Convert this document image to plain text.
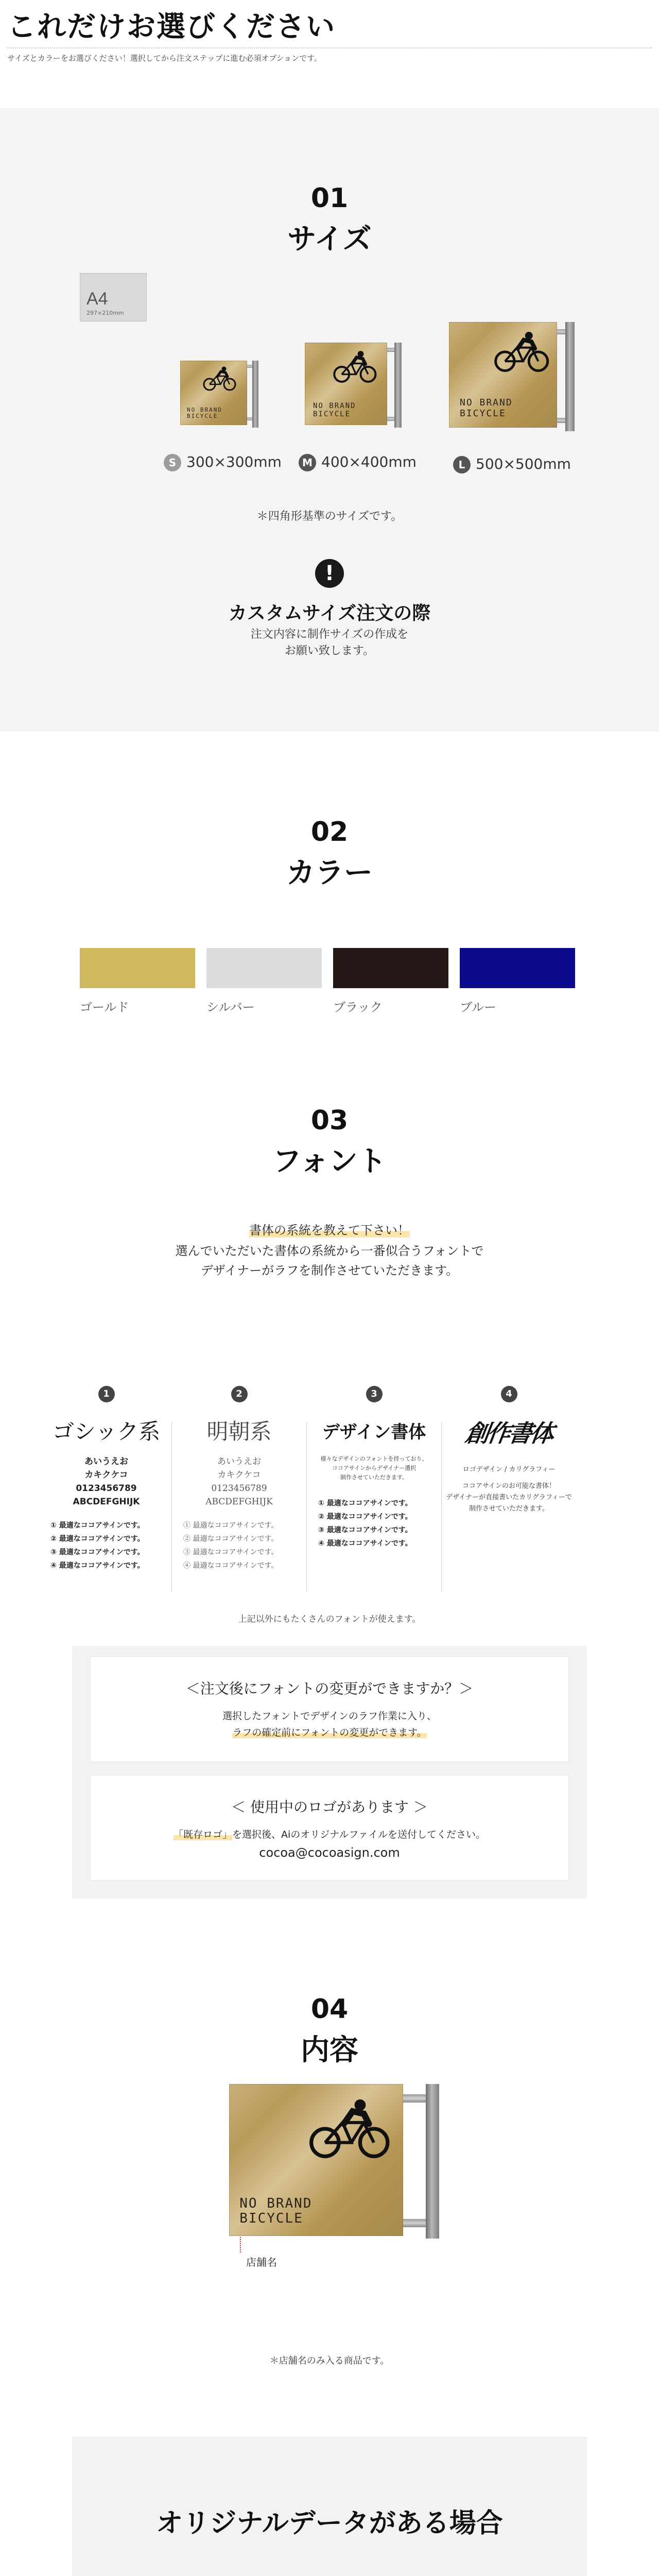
これだけお選びください
サイズとカラーをお選びください！選択してから注文ステップに進む必須オプションです。
01
サイズ
A4
297×210mm
NO BRAND
BICYCLE
NO BRAND
BICYCLE
NO BRAND
BICYCLE
S 300×300mm	M 400×400mm	L 500×500mm
＊四角形基準のサイズです。
!
カスタムサイズ注文の際
注文内容に制作サイズの作成を
お願い致します。
02
カラー
ゴールド	シルバー	ブラック	ブルー
03
フォント
書体の系統を教えて下さい！
選んでいただいた書体の系統から一番似合うフォントで
デザイナーがラフを制作させていただきます。
1
ゴシック系
あいうえお
カキクケコ
0123456789
ABCDEFGHIJK
① 最適なココアサインです。
② 最適なココアサインです。
③ 最適なココアサインです。
④ 最適なココアサインです。
2
明朝系
あいうえお
カキクケコ
0123456789
ABCDEFGHIJK
① 最適なココアサインです。
② 最適なココアサインです。
③ 最適なココアサインです。
④ 最適なココアサインです。
3
デザイン書体
様々なデザインのフォントを持っており、
ココアサインからデザイナー選択
制作させていただきます。
① 最適なココアサインです。
② 最適なココアサインです。
③ 最適なココアサインです。
④ 最適なココアサインです。
4
創作書体
ロゴデザイン / カリグラフィー
ココアサインのお可能な書体！
デザイナーが直接書いたカリグラフィーで
制作させていただきます。
上記以外にもたくさんのフォントが使えます。
＜注文後にフォントの変更ができますか？＞
選択したフォントでデザインのラフ作業に入り、
ラフの確定前にフォントの変更ができます。
＜ 使用中のロゴがあります ＞
「既存ロゴ」を選択後、Aiのオリジナルファイルを送付してください。
cocoa@cocoasign.com
04
内容
NO BRAND
BICYCLE
店舗名
＊店舗名のみ入る商品です。
オリジナルデータがある場合
